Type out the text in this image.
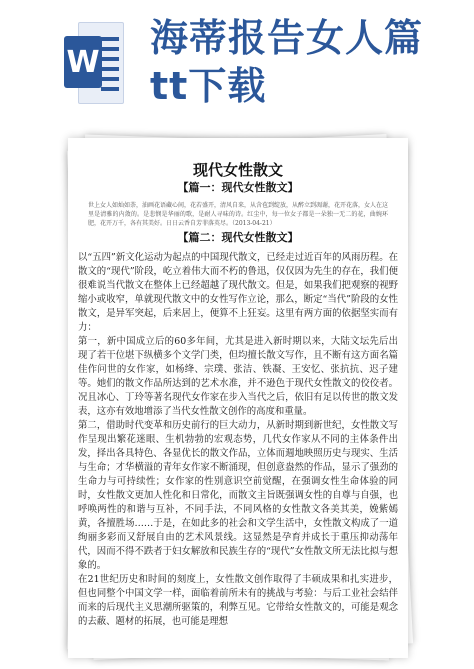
W
海蒂报告女人篇tt下载
现代女性散文

【篇一：现代女性散文】

世上女人如灿如荼，油画花语藏心间，花若盛开，清风自来，从含苞到绽放，从醉立到凋谢，花开花落，女人在这里是清雅的内敛的。是悲悯是华丽的歌，是耐人寻味的诗。红尘中，每一位女子都是一朵独一无二的花，曲婉环肥，花开万千，各有其美好。日日云香自芳菲落英尽。（2013-04-21）

【篇二：现代女性散文】

以“五四”新文化运动为起点的中国现代散文，已经走过近百年的风雨历程。在散文的“现代”阶段，屹立着伟大而不朽的鲁迅，仅仅因为先生的存在，我们便很难说当代散文在整体上已经超越了现代散文。但是，如果我们把观察的视野缩小或收窄，单就现代散文中的女性写作立论，那么，断定“当代”阶段的女性散文，是异军突起，后来居上，便算不上狂妄。这里有两方面的依据坚实而有力：

第一，新中国成立后的60多年间，尤其是进入新时期以来，大陆文坛先后出现了若干位堪下纵横多个文学门类，但均擅长散文写作，且不断有这方面名篇佳作问世的女作家，如杨绛、宗璞、张洁、铁凝、王安忆、张抗抗、迟子建等。她们的散文作品所达到的艺术水准，并不逊色于现代女性散文的佼佼者。况且冰心、丁玲等著名现代女作家在步入当代之后，依旧有足以传世的散文发表，这亦有效地增添了当代女性散文创作的高度和重量。

第二，借助时代变革和历史前行的巨大动力，从新时期到新世纪，女性散文写作呈现出繁花迷眼、生机勃勃的宏观态势，几代女作家从不同的主体条件出发，择出各具特色、各显优长的散文作品，立体而週地映照历史与现实、生活与生命；才华横溢的青年女作家不断涌现，但创意盎然的作品，显示了强劲的生命力与可持续性；女作家的性别意识空前觉醒，在强调女性生命体验的同时，女性散文更加人性化和日常化，而散文主旨既强调女性的自尊与自强，也呼唤两性的和谐与互补，不同手法，不同风格的女性散文各美其美，娩紫嫣黄，各擅胜场……于是，在如此多的社会和文学生活中，女性散文构成了一道绚丽多彩而又舒展自由的艺术风景线。这显然是孕育并成长于重压抑动荡年代，因而不得不跌者于妇女解放和民族生存的“现代”女性散文所无法比拟与想象的。

在21世纪历史和时间的刻度上，女性散文创作取得了丰硕成果和扎实进步，但也同整个中国文学一样，面临着前所未有的挑战与考验：与后工业社会结伴而来的后现代主义思潮所驱策的，利弊互见。它带给女性散文的，可能是观念的去蔽、题材的拓展，也可能是理想
